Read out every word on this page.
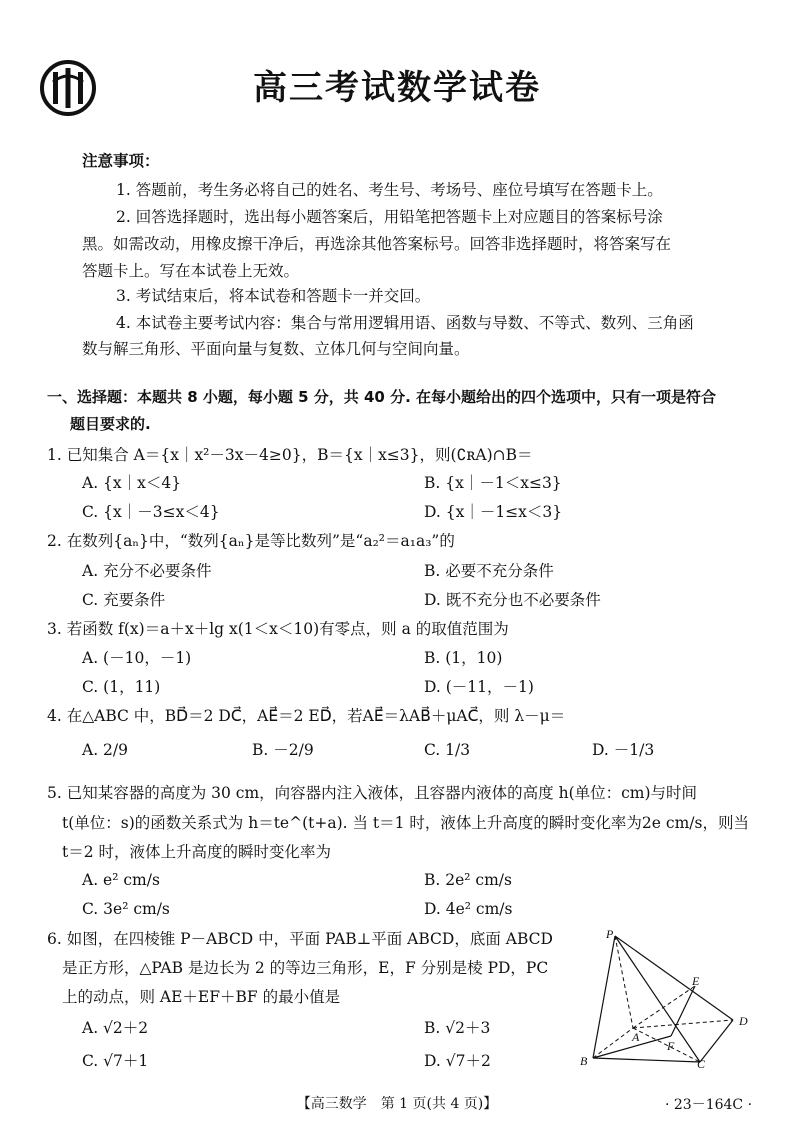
高三考试数学试卷
注意事项：
1. 答题前，考生务必将自己的姓名、考生号、考场号、座位号填写在答题卡上。
2. 回答选择题时，选出每小题答案后，用铅笔把答题卡上对应题目的答案标号涂
黑。如需改动，用橡皮擦干净后，再选涂其他答案标号。回答非选择题时，将答案写在
答题卡上。写在本试卷上无效。
3. 考试结束后，将本试卷和答题卡一并交回。
4. 本试卷主要考试内容：集合与常用逻辑用语、函数与导数、不等式、数列、三角函
数与解三角形、平面向量与复数、立体几何与空间向量。
一、选择题：本题共 8 小题，每小题 5 分，共 40 分. 在每小题给出的四个选项中，只有一项是符合
题目要求的.
1. 已知集合 A＝{x｜x²－3x－4≥0}，B＝{x｜x≤3}，则(∁ʀA)∩B＝
A. {x｜x＜4}	B. {x｜－1＜x≤3}
C. {x｜－3≤x＜4}	D. {x｜－1≤x＜3}
2. 在数列{aₙ}中，“数列{aₙ}是等比数列”是“a₂²＝a₁a₃”的
A. 充分不必要条件	B. 必要不充分条件
C. 充要条件	D. 既不充分也不必要条件
3. 若函数 f(x)＝a＋x＋lg x(1＜x＜10)有零点，则 a 的取值范围为
A. (－10，－1)	B. (1，10)
C. (1，11)	D. (－11，－1)
4. 在△ABC 中，BD⃗＝2 DC⃗，AE⃗＝2 ED⃗，若AE⃗＝λAB⃗＋μAC⃗，则 λ－μ＝
A. 2/9	B. －2/9	C. 1/3	D. －1/3
5. 已知某容器的高度为 30 cm，向容器内注入液体，且容器内液体的高度 h(单位：cm)与时间
t(单位：s)的函数关系式为 h＝te^(t+a). 当 t＝1 时，液体上升高度的瞬时变化率为2e cm/s，则当
t＝2 时，液体上升高度的瞬时变化率为
A. e² cm/s	B. 2e² cm/s
C. 3e² cm/s	D. 4e² cm/s
6. 如图，在四棱锥 P－ABCD 中，平面 PAB⊥平面 ABCD，底面 ABCD
是正方形，△PAB 是边长为 2 的等边三角形，E，F 分别是棱 PD，PC
上的动点，则 AE＋EF＋BF 的最小值是
A. √2＋2	B. √2＋3
C. √7＋1	D. √7＋2
P
E
A
D
F
B	C
【高三数学　第 1 页(共 4 页)】	· 23－164C ·
